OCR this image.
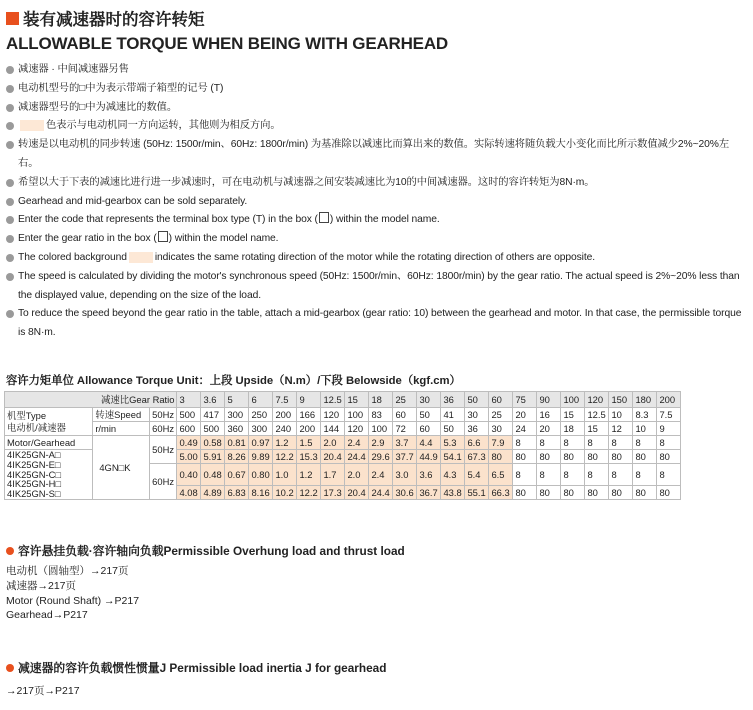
装有减速器时的容许转矩
ALLOWABLE TORQUE WHEN BEING WITH GEARHEAD
减速器 · 中间减速器另售
电动机型号的□中为表示带端子箱型的记号 (T)
减速器型号的□中为减速比的数值。
色表示与电动机同一方向运转，其他则为相反方向。
转速是以电动机的同步转速 (50Hz: 1500r/min、60Hz: 1800r/min) 为基准除以减速比而算出来的数值。实际转速将随负载大小变化而比所示数值减少2%~20%左右。
希望以大于下表的减速比进行进一步减速时，可在电动机与减速器之间安装减速比为10的中间减速器。这时的容许转矩为8N·m。
Gearhead and mid-gearbox can be sold separately.
Enter the code that represents the terminal box type (T) in the box ( ) within the model name.
Enter the gear ratio in the box ( ) within the model name.
The colored background	indicates the same rotating direction of the motor while the rotating direction of others are opposite.
The speed is calculated by dividing the motor's synchronous speed (50Hz: 1500r/min、60Hz: 1800r/min) by the gear ratio. The actual speed is 2%~20% less than the displayed value, depending on the size of the load.
To reduce the speed beyond the gear ratio in the table, attach a mid-gearbox (gear ratio: 10) between the gearhead and motor. In that case, the permissible torque is 8N·m.
容许力矩单位 Allowance Torque Unit：上段 Upside（N.m）/下段 Belowside（kgf.cm）
减速比Gear Ratio			3	3.6	5	6	7.5	9	12.5	15	18	25	30	36	50	60	75	90	100	120	150	180	200

机型Type
电动机/减速器	转速Speed	50Hz	500	417	300	250	200	166	120	100	83	60	50	41	30	25	20	16	15	12.5	10	8.3	7.5
	r/min	60Hz	600	500	360	300	240	200	144	120	100	72	60	50	36	30	24	20	18	15	12	10	9
Motor/Gearhead	4GN□K	50Hz	0.49	0.58	0.81	0.97	1.2	1.5	2.0	2.4	2.9	3.7	4.4	5.3	6.6	7.9	8	8	8	8	8	8	8

4IK25GN-A□
4IK25GN-E□
4IK25GN-C□
4IK25GN-H□
4IK25GN-S□			5.00	5.91	8.26	9.89	12.2	15.3	20.4	24.4	29.6	37.7	44.9	54.1	67.3	80	80	80	80	80	80	80	80
		60Hz	0.40	0.48	0.67	0.80	1.0	1.2	1.7	2.0	2.4	3.0	3.6	4.3	5.4	6.5	8	8	8	8	8	8	8
			4.08	4.89	6.83	8.16	10.2	12.2	17.3	20.4	24.4	30.6	36.7	43.8	55.1	66.3	80	80	80	80	80	80	80
容许悬挂负载·容许轴向负载Permissible Overhung load and thrust load
电动机（圆轴型）→217页
减速器→217页
Motor (Round Shaft) →P217
Gearhead→P217
减速器的容许负载惯性惯量J Permissible load inertia J for gearhead
→217页→P217
